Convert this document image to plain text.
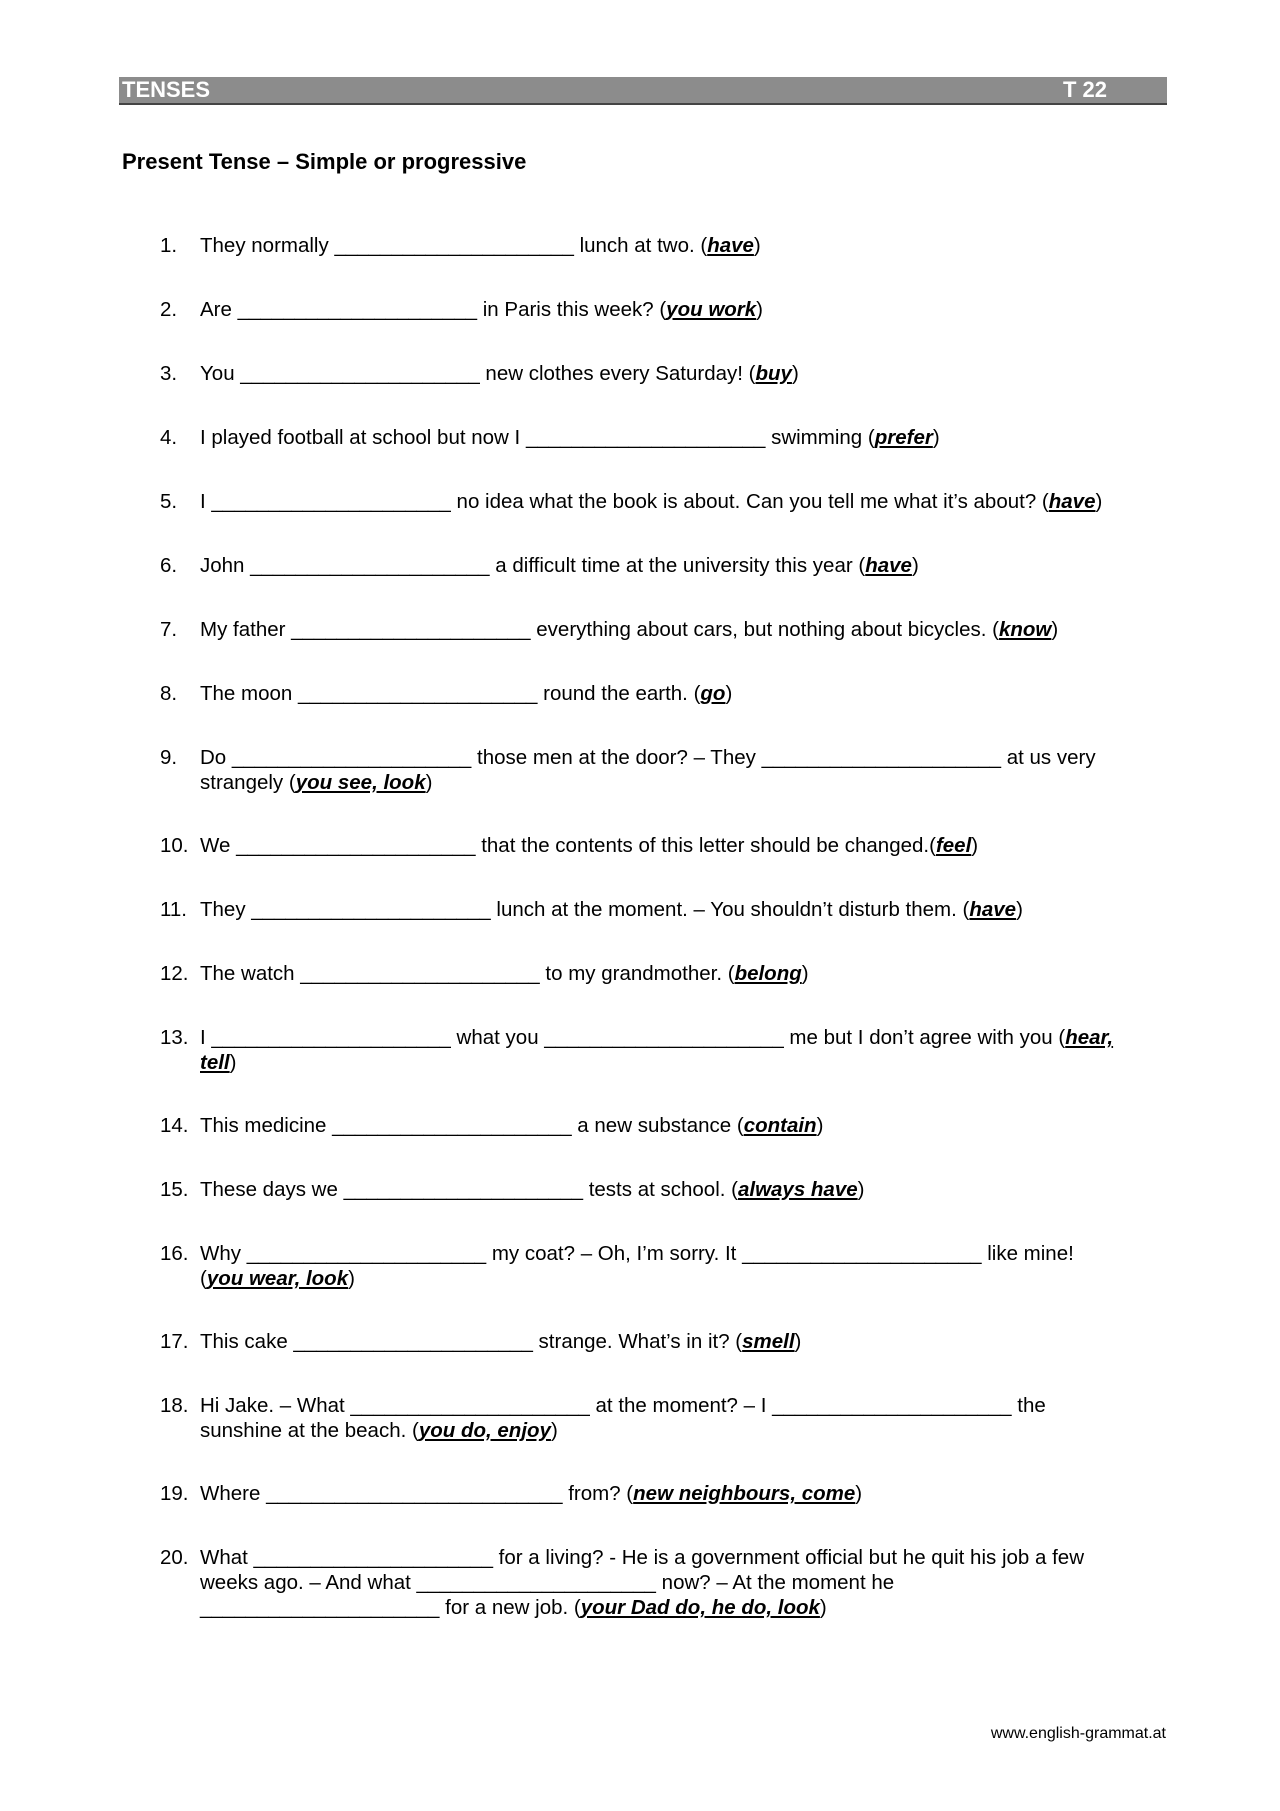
TENSES	T 22
Present Tense – Simple or progressive
1.	They normally _____________________ lunch at two. (have)
2.	Are _____________________ in Paris this week? (you work)
3.	You _____________________ new clothes every Saturday! (buy)
4.	I played football at school but now I _____________________ swimming (prefer)
5.	I _____________________ no idea what the book is about. Can you tell me what it’s about? (have)
6.	John _____________________ a difficult time at the university this year (have)
7.	My father _____________________ everything about cars, but nothing about bicycles. (know)
8.	The moon _____________________ round the earth. (go)
9.	Do _____________________ those men at the door? – They _____________________ at us very
strangely (you see, look)
10. We _____________________ that the contents of this letter should be changed.(feel)
11. They _____________________ lunch at the moment. – You shouldn’t disturb them. (have)
12. The watch _____________________ to my grandmother. (belong)
13. I _____________________ what you _____________________ me but I don’t agree with you (hear,
tell)
14. This medicine _____________________ a new substance (contain)
15. These days we _____________________ tests at school. (always have)
16. Why _____________________ my coat? – Oh, I’m sorry. It _____________________ like mine!
(you wear, look)
17. This cake _____________________ strange. What’s in it? (smell)
18. Hi Jake. – What _____________________ at the moment? – I _____________________ the
sunshine at the beach. (you do, enjoy)
19. Where __________________________ from? (new neighbours, come)
20. What _____________________ for a living? - He is a government official but he quit his job a few
weeks ago. – And what _____________________ now? – At the moment he
_____________________ for a new job. (your Dad do, he do, look)
www.english-grammat.at
